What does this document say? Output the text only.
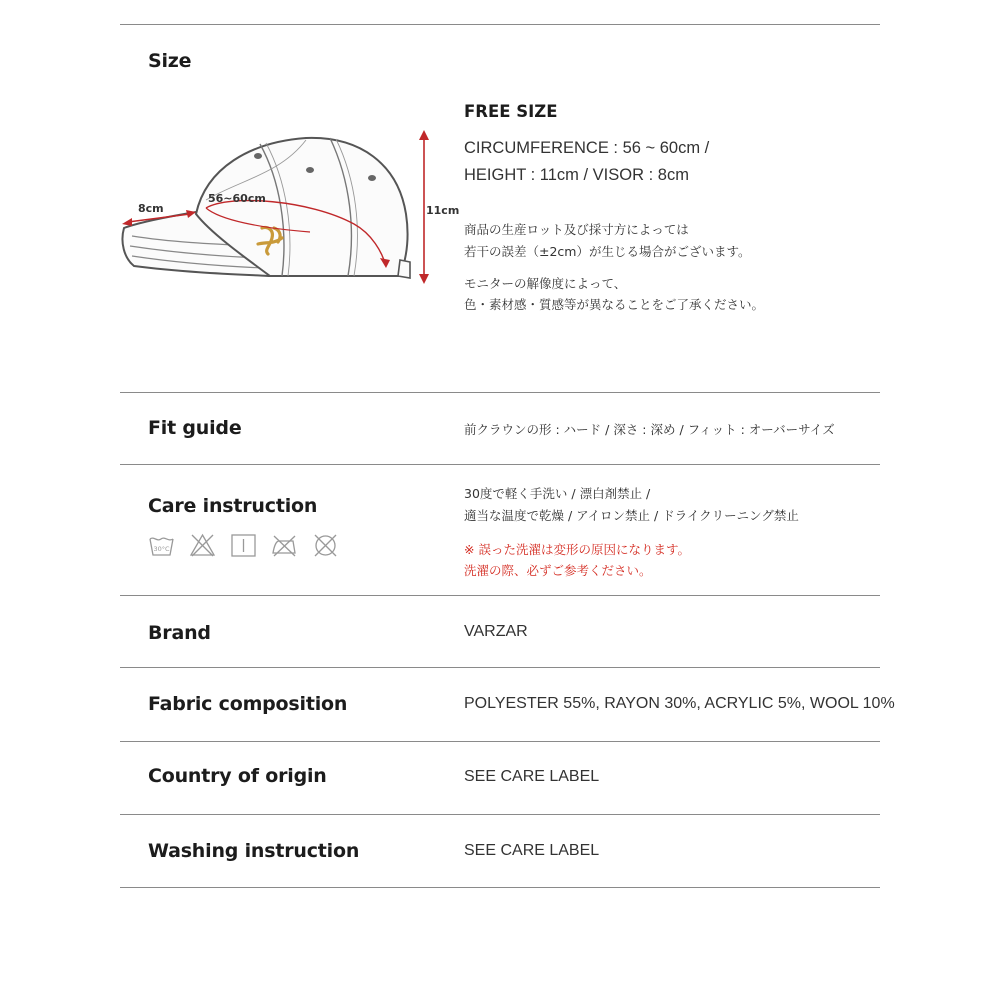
Size
8cm
56~60cm
11cm
FREE SIZE
CIRCUMFERENCE : 56 ~ 60cm /
HEIGHT : 11cm / VISOR : 8cm
商品の生産ロット及び採寸方によっては
若干の誤差（±2cm）が生じる場合がございます。
モニターの解像度によって、
色・素材感・質感等が異なることをご了承ください。
Fit guide	前クラウンの形 : ハード / 深さ : 深め / フィット : オーバーサイズ
Care instruction
30°C
30度で軽く手洗い / 漂白剤禁止 /
適当な温度で乾燥 / アイロン禁止 / ドライクリーニング禁止
※ 誤った洗濯は変形の原因になります。
洗濯の際、必ずご参考ください。
Brand	VARZAR
Fabric composition	POLYESTER 55%, RAYON 30%, ACRYLIC 5%, WOOL 10%
Country of origin	SEE CARE LABEL
Washing instruction	SEE CARE LABEL
